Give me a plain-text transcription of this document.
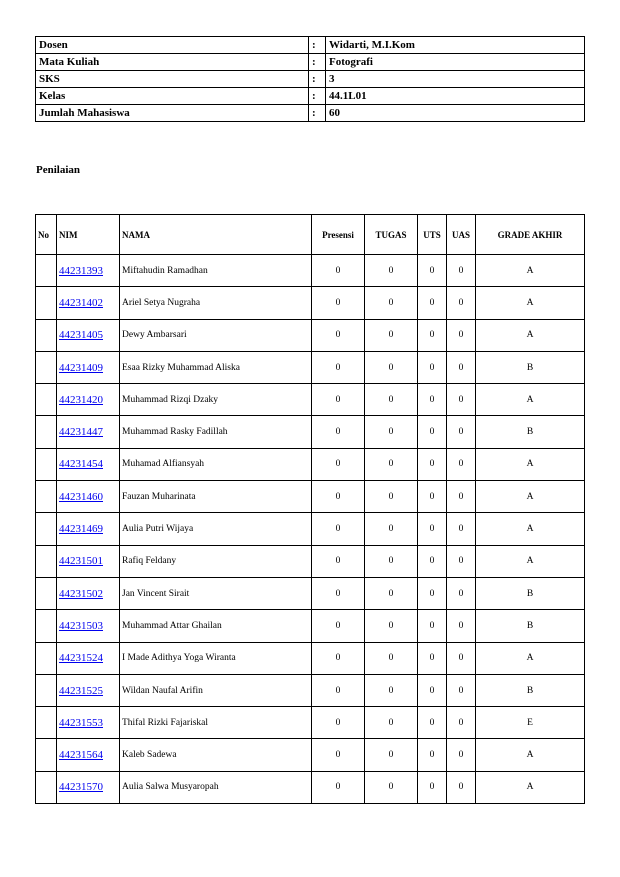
Dosen	:	Widarti, M.I.Kom
Mata Kuliah	:	Fotografi
SKS	:	3
Kelas	:	44.1L01
Jumlah Mahasiswa	:	60
Penilaian
No	NIM	NAMA	Presensi	TUGAS	UTS	UAS	GRADE AKHIR
	44231393	Miftahudin Ramadhan	0	0	0	0	A
	44231402	Ariel Setya Nugraha	0	0	0	0	A
	44231405	Dewy Ambarsari	0	0	0	0	A
	44231409	Esaa Rizky Muhammad Aliska	0	0	0	0	B
	44231420	Muhammad Rizqi Dzaky	0	0	0	0	A
	44231447	Muhammad Rasky Fadillah	0	0	0	0	B
	44231454	Muhamad Alfiansyah	0	0	0	0	A
	44231460	Fauzan Muharinata	0	0	0	0	A
	44231469	Aulia Putri Wijaya	0	0	0	0	A
	44231501	Rafiq Feldany	0	0	0	0	A
	44231502	Jan Vincent Sirait	0	0	0	0	B
	44231503	Muhammad Attar Ghailan	0	0	0	0	B
	44231524	I Made Adithya Yoga Wiranta	0	0	0	0	A
	44231525	Wildan Naufal Arifin	0	0	0	0	B
	44231553	Thifal Rizki Fajariskal	0	0	0	0	E
	44231564	Kaleb Sadewa	0	0	0	0	A
	44231570	Aulia Salwa Musyaropah	0	0	0	0	A
